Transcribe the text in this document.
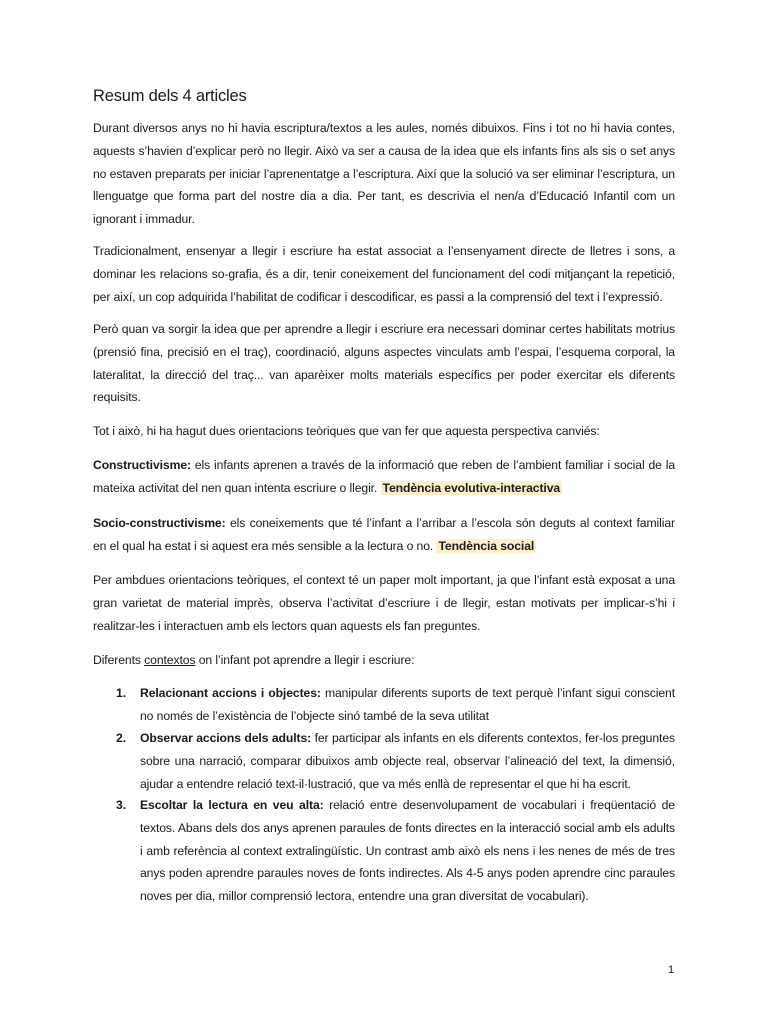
Resum dels 4 articles
Durant diversos anys no hi havia escriptura/textos a les aules, només dibuixos. Fins i tot no hi havia contes, aquests s’havien d’explicar però no llegir. Això va ser a causa de la idea que els infants fins als sis o set anys no estaven preparats per iniciar l’aprenentatge a l’escriptura. Així que la solució va ser eliminar l’escriptura, un llenguatge que forma part del nostre dia a dia. Per tant, es descrivia el nen/a d’Educació Infantil com un ignorant i immadur.
Tradicionalment, ensenyar a llegir i escriure ha estat associat a l’ensenyament directe de lletres i sons, a dominar les relacions so-grafia, és a dir, tenir coneixement del funcionament del codi mitjançant la repetició, per així, un cop adquirida l’habilitat de codificar i descodificar, es passi a la comprensió del text i l’expressió.
Però quan va sorgir la idea que per aprendre a llegir i escriure era necessari dominar certes habilitats motrius (prensió fina, precisió en el traç), coordinació, alguns aspectes vinculats amb l’espai, l’esquema corporal, la lateralitat, la direcció del traç... van aparèixer molts materials específics per poder exercitar els diferents requisits.
Tot i això, hi ha hagut dues orientacions teòriques que van fer que aquesta perspectiva canviés:
Constructivisme: els infants aprenen a través de la informació que reben de l’ambient familiar i social de la mateixa activitat del nen quan intenta escriure o llegir. Tendència evolutiva-interactiva
Socio-constructivisme: els coneixements que té l’infant a l’arribar a l’escola són deguts al context familiar en el qual ha estat i si aquest era més sensible a la lectura o no. Tendència social
Per ambdues orientacions teòriques, el context té un paper molt important, ja que l’infant està exposat a una gran varietat de material imprès, observa l’activitat d’escriure i de llegir, estan motivats per implicar-s’hi i realitzar-les i interactuen amb els lectors quan aquests els fan preguntes.
Diferents contextos on l’infant pot aprendre a llegir i escriure:
1. Relacionant accions i objectes: manipular diferents suports de text perquè l’infant sigui conscient no només de l’existència de l’objecte sinó també de la seva utilitat
2. Observar accions dels adults: fer participar als infants en els diferents contextos, fer-los preguntes sobre una narració, comparar dibuixos amb objecte real, observar l’alineació del text, la dimensió, ajudar a entendre relació text-il·lustració, que va més enllà de representar el que hi ha escrit.
3. Escoltar la lectura en veu alta: relació entre desenvolupament de vocabulari i freqüentació de textos. Abans dels dos anys aprenen paraules de fonts directes en la interacció social amb els adults i amb referència al context extralingüístic. Un contrast amb això els nens i les nenes de més de tres anys poden aprendre paraules noves de fonts indirectes. Als 4-5 anys poden aprendre cinc paraules noves per dia, millor comprensió lectora, entendre una gran diversitat de vocabulari).
1
